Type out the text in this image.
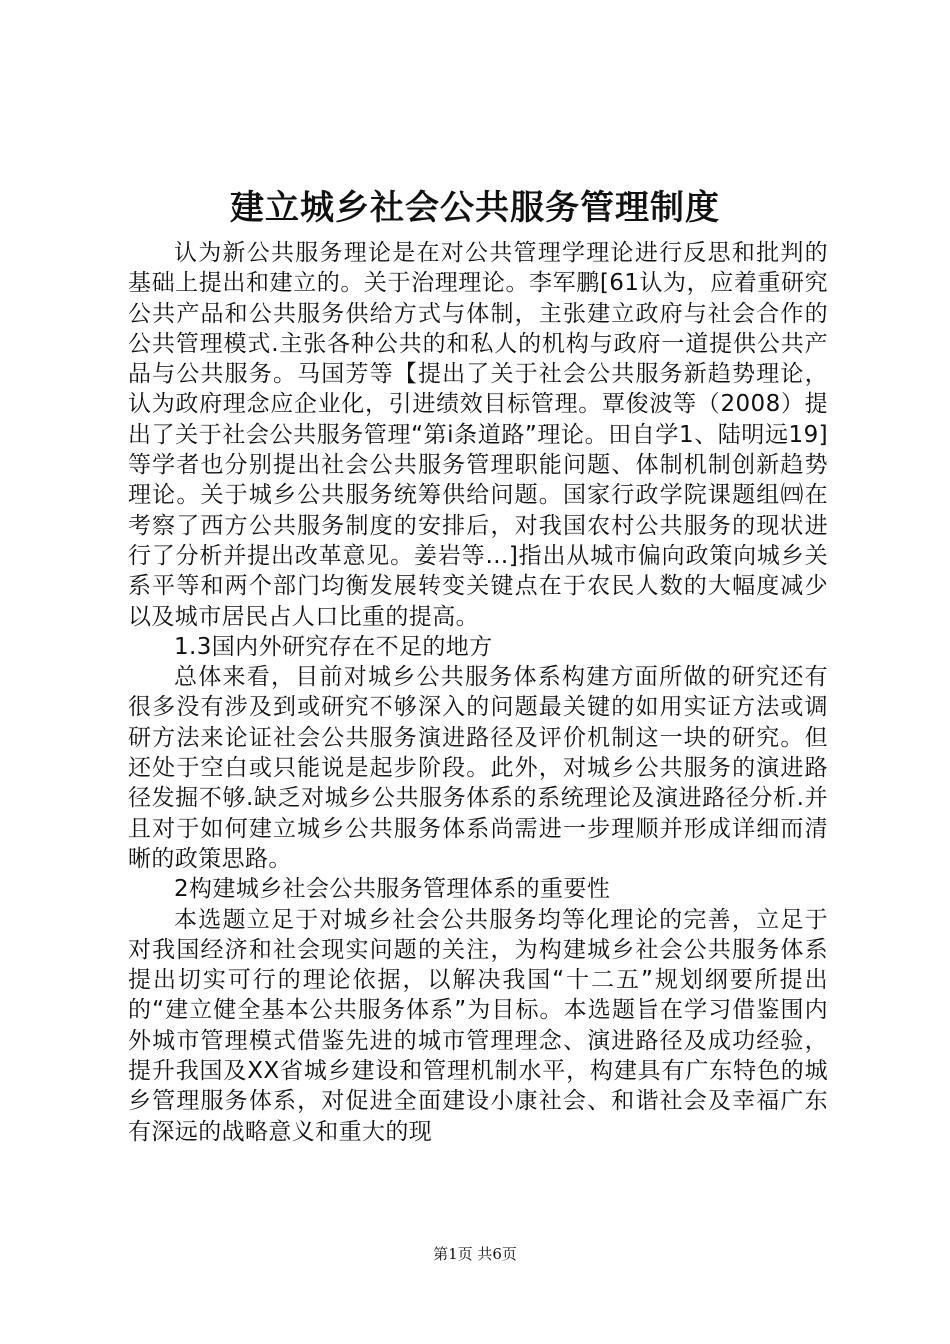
建立城乡社会公共服务管理制度

认为新公共服务理论是在对公共管理学理论进行反思和批判的基础上提出和建立的。关于治理理论。李军鹏[61认为，应着重研究公共产品和公共服务供给方式与体制，主张建立政府与社会合作的公共管理模式.主张各种公共的和私人的机构与政府一道提供公共产品与公共服务。马国芳等【提出了关于社会公共服务新趋势理论，认为政府理念应企业化，引进绩效目标管理。覃俊波等（2008）提出了关于社会公共服务管理“第i条道路”理论。田自学1、陆明远19]等学者也分别提出社会公共服务管理职能问题、体制机制创新趋势理论。关于城乡公共服务统筹供给问题。国家行政学院课题组㈣在考察了西方公共服务制度的安排后，对我国农村公共服务的现状进行了分析并提出改革意见。姜岩等…]指出从城市偏向政策向城乡关系平等和两个部门均衡发展转变关键点在于农民人数的大幅度减少以及城市居民占人口比重的提高。

1.3国内外研究存在不足的地方

总体来看，目前对城乡公共服务体系构建方面所做的研究还有很多没有涉及到或研究不够深入的问题最关键的如用实证方法或调研方法来论证社会公共服务演进路径及评价机制这一块的研究。但还处于空白或只能说是起步阶段。此外，对城乡公共服务的演进路径发掘不够.缺乏对城乡公共服务体系的系统理论及演进路径分析.并且对于如何建立城乡公共服务体系尚需进一步理顺并形成详细而清晰的政策思路。

2构建城乡社会公共服务管理体系的重要性

本选题立足于对城乡社会公共服务均等化理论的完善，立足于对我国经济和社会现实问题的关注，为构建城乡社会公共服务体系提出切实可行的理论依据，以解决我国“十二五”规划纲要所提出的“建立健全基本公共服务体系”为目标。本选题旨在学习借鉴围内外城市管理模式借鉴先进的城市管理理念、演进路径及成功经验，提升我国及XX省城乡建设和管理机制水平，构建具有广东特色的城乡管理服务体系，对促进全面建设小康社会、和谐社会及幸福广东有深远的战略意义和重大的现

第1页 共6页
